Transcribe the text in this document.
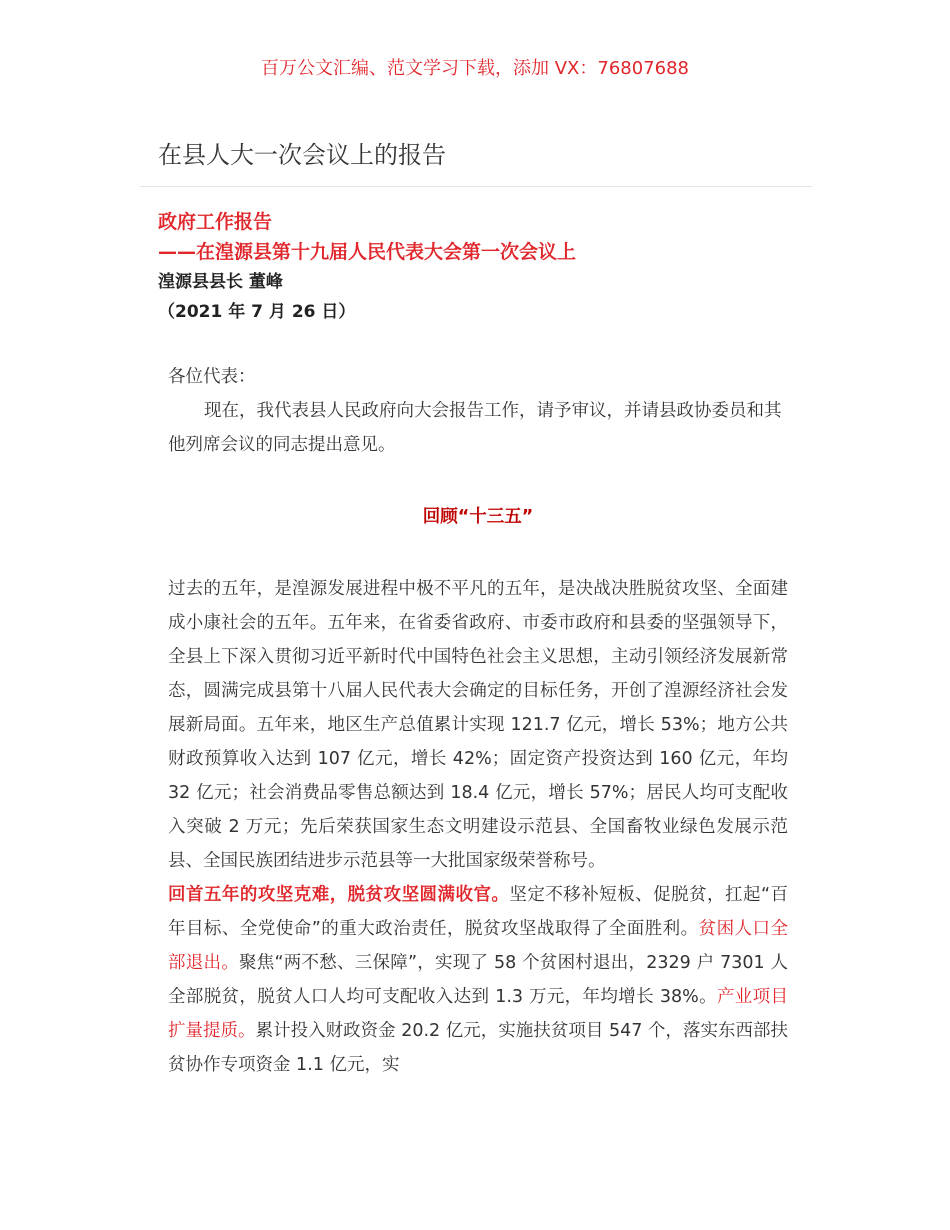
百万公文汇编、范文学习下载，添加 VX：76807688
在县人大一次会议上的报告
政府工作报告
——在湟源县第十九届人民代表大会第一次会议上
湟源县县长 董峰
（2021 年 7 月 26 日）

各位代表：

现在，我代表县人民政府向大会报告工作，请予审议，并请县政协委员和其他列席会议的同志提出意见。

回顾“十三五”

过去的五年，是湟源发展进程中极不平凡的五年，是决战决胜脱贫攻坚、全面建成小康社会的五年。五年来，在省委省政府、市委市政府和县委的坚强领导下，全县上下深入贯彻习近平新时代中国特色社会主义思想，主动引领经济发展新常态，圆满完成县第十八届人民代表大会确定的目标任务，开创了湟源经济社会发展新局面。五年来，地区生产总值累计实现 121.7 亿元，增长 53%；地方公共财政预算收入达到 107 亿元，增长 42%；固定资产投资达到 160 亿元，年均 32 亿元；社会消费品零售总额达到 18.4 亿元，增长 57%；居民人均可支配收入突破 2 万元；先后荣获国家生态文明建设示范县、全国畜牧业绿色发展示范县、全国民族团结进步示范县等一大批国家级荣誉称号。

回首五年的攻坚克难，脱贫攻坚圆满收官。坚定不移补短板、促脱贫，扛起“百年目标、全党使命”的重大政治责任，脱贫攻坚战取得了全面胜利。贫困人口全部退出。聚焦“两不愁、三保障”，实现了 58 个贫困村退出，2329 户 7301 人全部脱贫，脱贫人口人均可支配收入达到 1.3 万元，年均增长 38%。产业项目扩量提质。累计投入财政资金 20.2 亿元，实施扶贫项目 547 个，落实东西部扶贫协作专项资金 1.1 亿元，实
